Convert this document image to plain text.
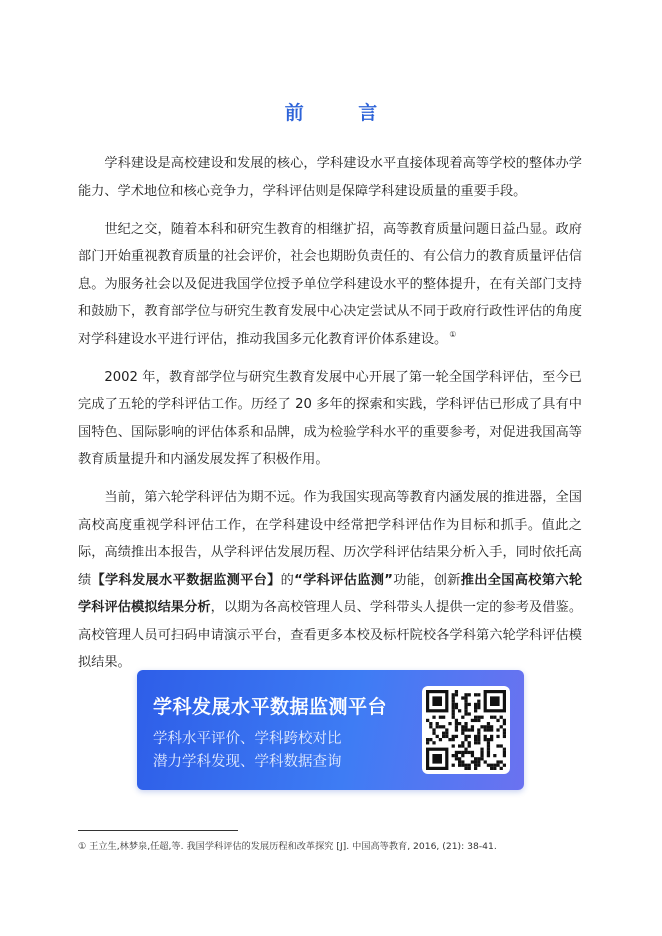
前 言

学科建设是高校建设和发展的核心，学科建设水平直接体现着高等学校的整体办学能力、学术地位和核心竞争力，学科评估则是保障学科建设质量的重要手段。

世纪之交，随着本科和研究生教育的相继扩招，高等教育质量问题日益凸显。政府部门开始重视教育质量的社会评价，社会也期盼负责任的、有公信力的教育质量评估信息。为服务社会以及促进我国学位授予单位学科建设水平的整体提升，在有关部门支持和鼓励下，教育部学位与研究生教育发展中心决定尝试从不同于政府行政性评估的角度对学科建设水平进行评估，推动我国多元化教育评价体系建设。 ①

2002 年，教育部学位与研究生教育发展中心开展了第一轮全国学科评估，至今已完成了五轮的学科评估工作。历经了 20 多年的探索和实践，学科评估已形成了具有中国特色、国际影响的评估体系和品牌，成为检验学科水平的重要参考，对促进我国高等教育质量提升和内涵发展发挥了积极作用。

当前，第六轮学科评估为期不远。作为我国实现高等教育内涵发展的推进器，全国高校高度重视学科评估工作，在学科建设中经常把学科评估作为目标和抓手。值此之际，高绩推出本报告，从学科评估发展历程、历次学科评估结果分析入手，同时依托高绩【学科发展水平数据监测平台】的“学科评估监测”功能，创新推出全国高校第六轮学科评估模拟结果分析，以期为各高校管理人员、学科带头人提供一定的参考及借鉴。高校管理人员可扫码申请演示平台，查看更多本校及标杆院校各学科第六轮学科评估模拟结果。

学科发展水平数据监测平台
学科水平评价、学科跨校对比
潜力学科发现、学科数据查询
① 王立生,林梦泉,任超,等. 我国学科评估的发展历程和改革探究 [J]. 中国高等教育, 2016, (21): 38-41.
